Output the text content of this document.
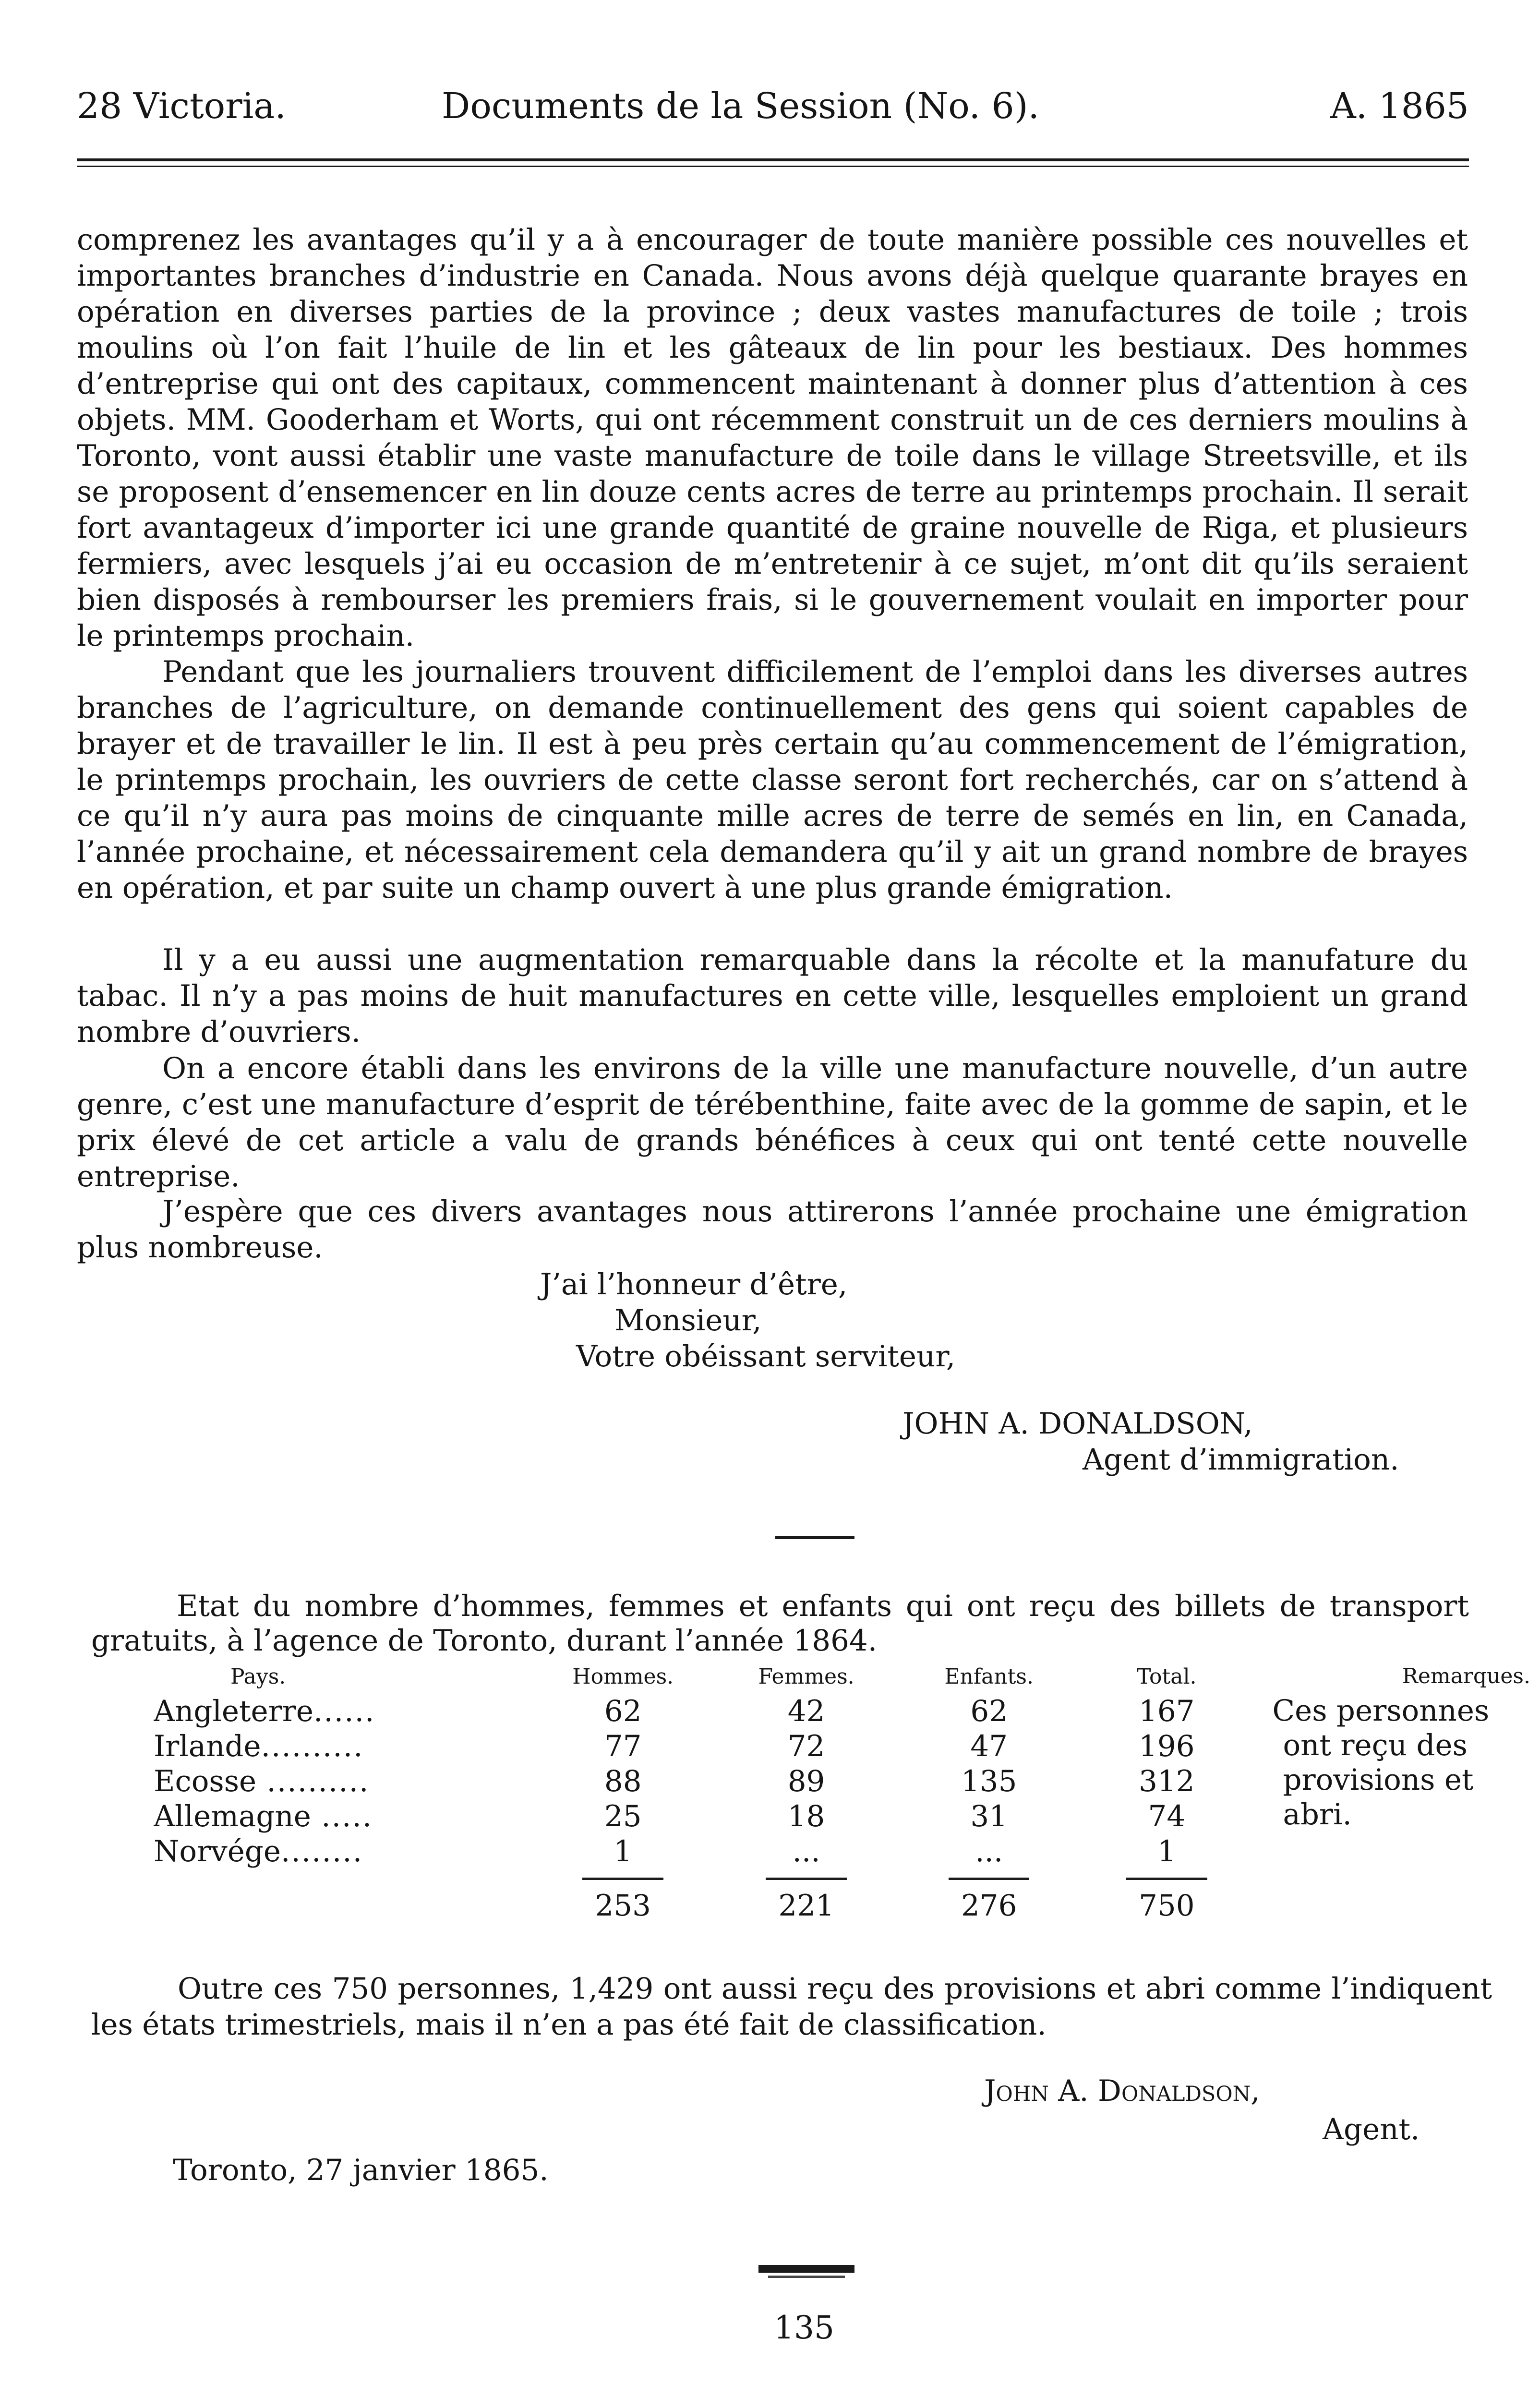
28 Victoria.	Documents de la Session (No. 6).	A. 1865

comprenez les avantages qu’il y a à encourager de toute manière possible ces nouvelles et importantes branches d’industrie en Canada. Nous avons déjà quelque quarante brayes en opération en diverses parties de la province ; deux vastes manufactures de toile ; trois moulins où l’on fait l’huile de lin et les gâteaux de lin pour les bestiaux. Des hommes d’entreprise qui ont des capitaux, commencent maintenant à donner plus d’attention à ces objets. MM. Gooderham et Worts, qui ont récemment construit un de ces derniers moulins à Toronto, vont aussi établir une vaste manufacture de toile dans le village Streetsville, et ils se proposent d’ensemencer en lin douze cents acres de terre au printemps prochain. Il serait fort avantageux d’importer ici une grande quantité de graine nouvelle de Riga, et plusieurs fermiers, avec lesquels j’ai eu occasion de m’entretenir à ce sujet, m’ont dit qu’ils seraient bien disposés à rembourser les premiers frais, si le gouvernement voulait en importer pour le printemps prochain.

Pendant que les journaliers trouvent difficilement de l’emploi dans les diverses autres branches de l’agriculture, on demande continuellement des gens qui soient capables de brayer et de travailler le lin. Il est à peu près certain qu’au commencement de l’émigration, le printemps prochain, les ouvriers de cette classe seront fort recherchés, car on s’attend à ce qu’il n’y aura pas moins de cinquante mille acres de terre de semés en lin, en Canada, l’année prochaine, et nécessairement cela demandera qu’il y ait un grand nombre de brayes en opération, et par suite un champ ouvert à une plus grande émigration.

Il y a eu aussi une augmentation remarquable dans la récolte et la manufature du tabac. Il n’y a pas moins de huit manufactures en cette ville, lesquelles emploient un grand nombre d’ouvriers.

On a encore établi dans les environs de la ville une manufacture nouvelle, d’un autre genre, c’est une manufacture d’esprit de térébenthine, faite avec de la gomme de sapin, et le prix élevé de cet article a valu de grands bénéfices à ceux qui ont tenté cette nouvelle entreprise.

J’espère que ces divers avantages nous attirerons l’année prochaine une émigration plus nombreuse.

J’ai l’honneur d’être,
Monsieur,
Votre obéissant serviteur,
JOHN A. DONALDSON,
Agent d’immigration.

Etat du nombre d’hommes, femmes et enfants qui ont reçu des billets de transport gratuits, à l’agence de Toronto, durant l’année 1864.

Pays.	Hommes.	Femmes.	Enfants.	Total.	Remarques.
Angleterre......	62	42	62	167	Ces personnes
ont reçu des
provisions et
abri.

Irlande..........	77	72	47	196	
Ecosse ..........	88	89	135	312	
Allemagne .....	25	18	31	74	
Norvége........	1	...	...	1	
	253	221	276	750	

Outre ces 750 personnes, 1,429 ont aussi reçu des provisions et abri comme l’indiquent les états trimestriels, mais il n’en a pas été fait de classification.

John A. Donaldson,
Agent.
Toronto, 27 janvier 1865.
135
